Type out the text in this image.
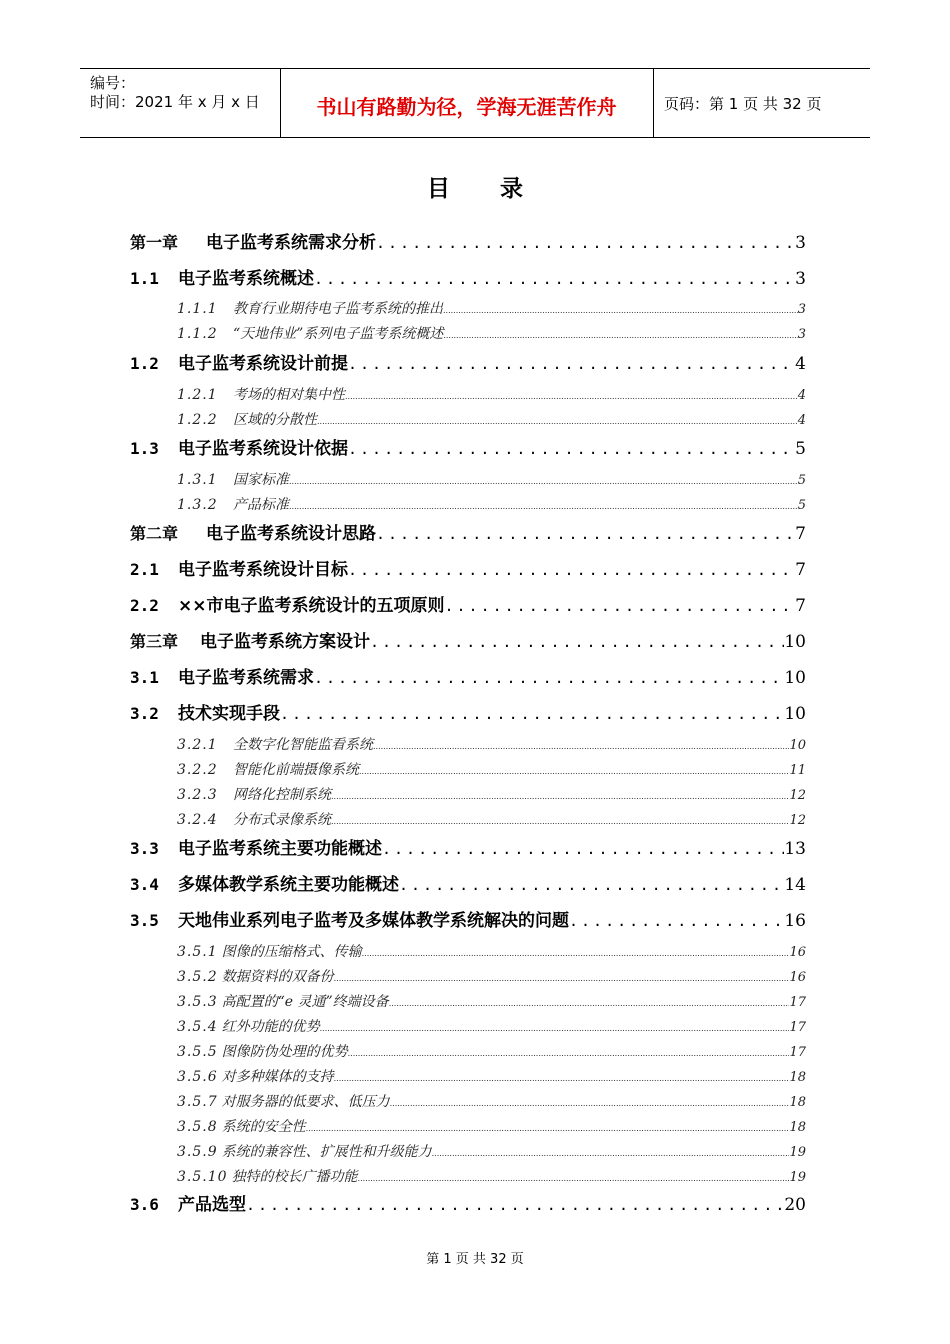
编号：
时间：2021 年 x 月 x 日	书山有路勤为径，学海无涯苦作舟	页码：第 1 页 共 32 页
目 录
第一章 电子监考系统需求分析 .....	3
1.1 电子监考系统概述 .....	3
1.1.1 教育行业期待电子监考系统的推出 .....	3
1.1.2 “天地伟业”系列电子监考系统概述 .....	3
1.2 电子监考系统设计前提 .....	4
1.2.1 考场的相对集中性 .....	4
1.2.2 区域的分散性 .....	4
1.3 电子监考系统设计依据 .....	5
1.3.1 国家标准 .....	5
1.3.2 产品标准 .....	5
第二章 电子监考系统设计思路 .....	7
2.1 电子监考系统设计目标 .....	7
2.2 ××市电子监考系统设计的五项原则 .....	7
第三章 电子监考系统方案设计 .....	10
3.1 电子监考系统需求 .....	10
3.2 技术实现手段 .....	10
3.2.1 全数字化智能监看系统 .....	10
3.2.2 智能化前端摄像系统 .....	11
3.2.3 网络化控制系统 .....	12
3.2.4 分布式录像系统 .....	12
3.3 电子监考系统主要功能概述 .....	13
3.4 多媒体教学系统主要功能概述 .....	14
3.5 天地伟业系列电子监考及多媒体教学系统解决的问题 .....	16
3.5.1 图像的压缩格式、传输 .....	16
3.5.2 数据资料的双备份 .....	16
3.5.3 高配置的“e 灵通”终端设备 .....	17
3.5.4 红外功能的优势 .....	17
3.5.5 图像防伪处理的优势 .....	17
3.5.6 对多种媒体的支持 .....	18
3.5.7 对服务器的低要求、低压力 .....	18
3.5.8 系统的安全性 .....	18
3.5.9 系统的兼容性、扩展性和升级能力 .....	19
3.5.10 独特的校长广播功能 .....	19
3.6 产品选型 .....	20
第 1 页 共 32 页
